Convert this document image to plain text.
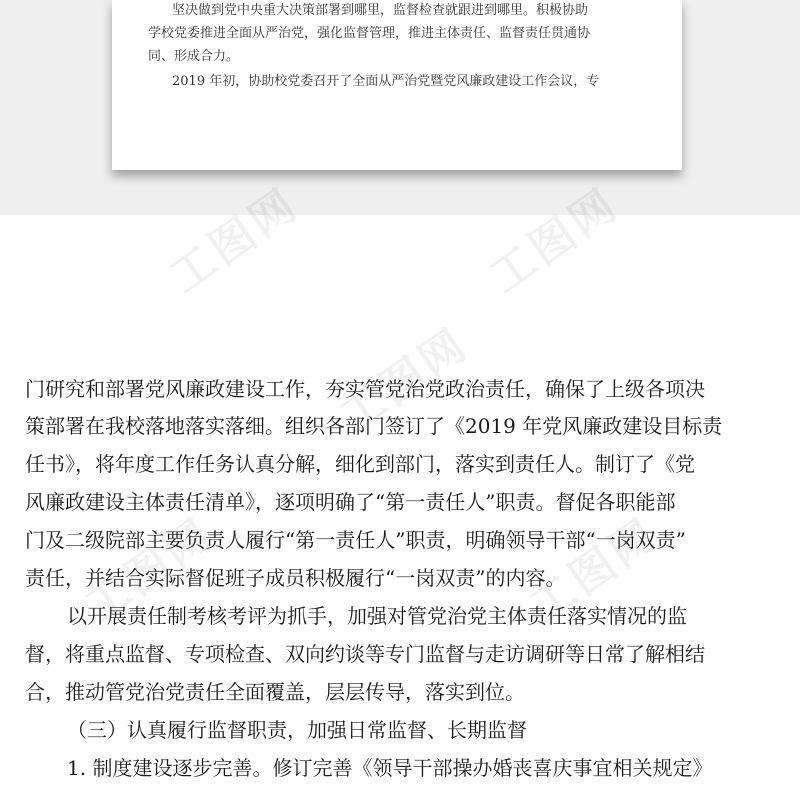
坚决做到党中央重大决策部署到哪里，监督检查就跟进到哪里。积极协助

学校党委推进全面从严治党，强化监督管理，推进主体责任、监督责任贯通协

同、形成合力。

2019 年初，协助校党委召开了全面从严治党暨党风廉政建设工作会议，专

工图网	工图网
工图网
工图网	工图网
门研究和部署党风廉政建设工作，夯实管党治党政治责任，确保了上级各项决
策部署在我校落地落实落细。组织各部门签订了《2019 年党风廉政建设目标责
任书》，将年度工作任务认真分解，细化到部门，落实到责任人。制订了《党
风廉政建设主体责任清单》，逐项明确了“第一责任人”职责。督促各职能部
门及二级院部主要负责人履行“第一责任人”职责，明确领导干部“一岗双责”
责任，并结合实际督促班子成员积极履行“一岗双责”的内容。
以开展责任制考核考评为抓手，加强对管党治党主体责任落实情况的监
督，将重点监督、专项检查、双向约谈等专门监督与走访调研等日常了解相结
合，推动管党治党责任全面覆盖，层层传导，落实到位。
（三）认真履行监督职责，加强日常监督、长期监督
1. 制度建设逐步完善。修订完善《领导干部操办婚丧喜庆事宜相关规定》
